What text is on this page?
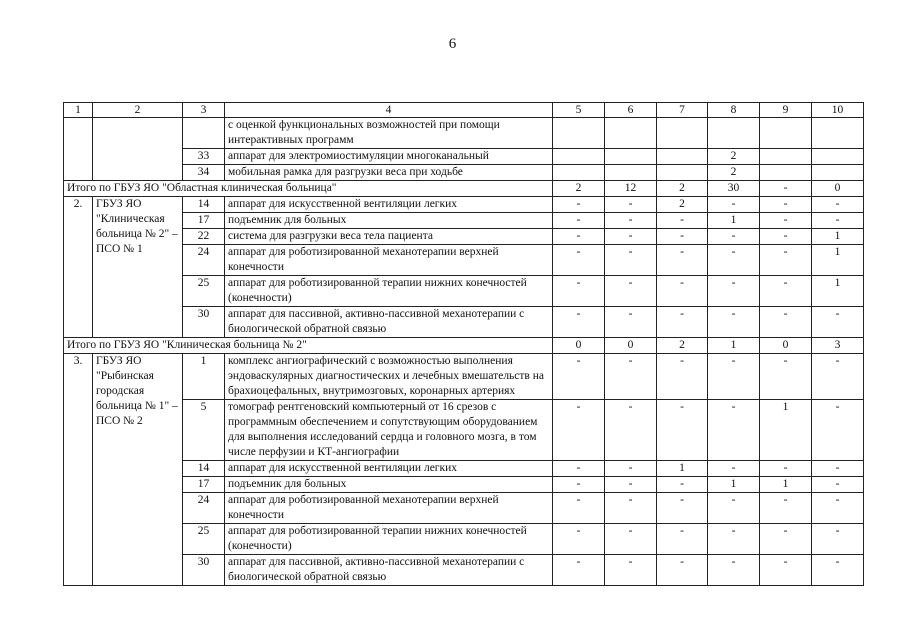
6
1	2	3	4	5	6	7	8	9	10
			с оценкой функциональных возможностей при помощи интерактивных программ						
		33	аппарат для электромиостимуляции многоканальный				2		
		34	мобильная рамка для разгрузки веса при ходьбе				2		
Итого по ГБУЗ ЯО "Областная клиническая больница"				2	12	2	30	-	0
2.	ГБУЗ ЯО "Клиническая больница № 2" – ПСО № 1	14	аппарат для искусственной вентиляции легких	-	-	2	-	-	-
		17	подъемник для больных	-	-	-	1	-	-
		22	система для разгрузки веса тела пациента	-	-	-	-	-	1
		24	аппарат для роботизированной механотерапии верхней конечности	-	-	-	-	-	1
		25	аппарат для роботизированной терапии нижних конечностей (конечности)	-	-	-	-	-	1
		30	аппарат для пассивной, активно-пассивной механотерапии с биологической обратной связью	-	-	-	-	-	-
Итого по ГБУЗ ЯО "Клиническая больница № 2"				0	0	2	1	0	3
3.	ГБУЗ ЯО "Рыбинская городская больница № 1" – ПСО № 2	1	комплекс ангиографический с возможностью выполнения эндоваскулярных диагностических и лечебных вмешательств на брахиоцефальных, внутримозговых, коронарных артериях	-	-	-	-	-	-
		5	томограф рентгеновский компьютерный от 16 срезов с программным обеспечением и сопутствующим оборудованием для выполнения исследований сердца и головного мозга, в том числе перфузии и КТ-ангиографии	-	-	-	-	1	-
		14	аппарат для искусственной вентиляции легких	-	-	1	-	-	-
		17	подъемник для больных	-	-	-	1	1	-
		24	аппарат для роботизированной механотерапии верхней конечности	-	-	-	-	-	-
		25	аппарат для роботизированной терапии нижних конечностей (конечности)	-	-	-	-	-	-
		30	аппарат для пассивной, активно-пассивной механотерапии с биологической обратной связью	-	-	-	-	-	-
